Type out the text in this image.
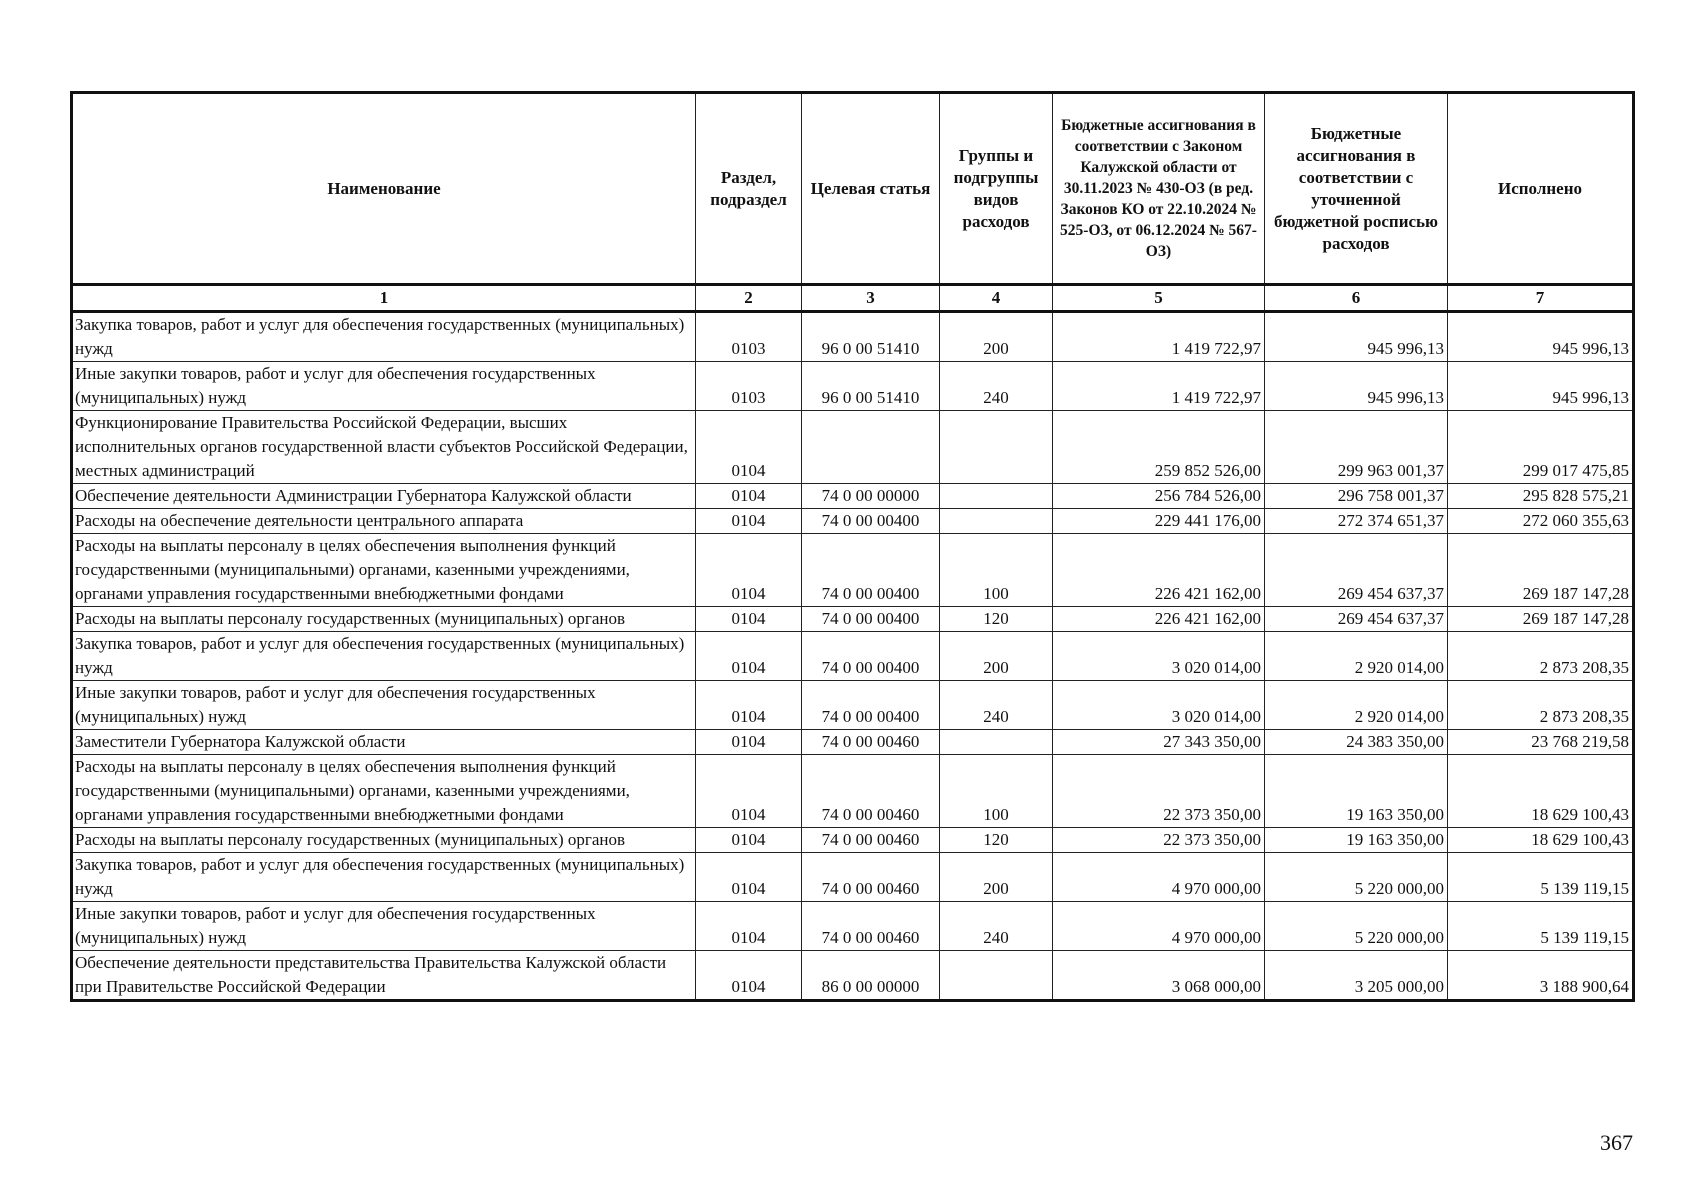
Наименование	Раздел, подраздел	Целевая статья	Группы и подгруппы видов расходов	Бюджетные ассигнования в соответствии с Законом Калужской области от 30.11.2023 № 430-ОЗ (в ред. Законов КО от 22.10.2024 № 525-ОЗ, от 06.12.2024 № 567-ОЗ)	Бюджетные ассигнования в соответствии с уточненной бюджетной росписью расходов	Исполнено
1	2	3	4	5	6	7
Закупка товаров, работ и услуг для обеспечения государственных (муниципальных) нужд	0103	96 0 00 51410	200	1 419 722,97	945 996,13	945 996,13
Иные закупки товаров, работ и услуг для обеспечения государственных (муниципальных) нужд	0103	96 0 00 51410	240	1 419 722,97	945 996,13	945 996,13
Функционирование Правительства Российской Федерации, высших исполнительных органов государственной власти субъектов Российской Федерации, местных администраций	0104			259 852 526,00	299 963 001,37	299 017 475,85
Обеспечение деятельности Администрации Губернатора Калужской области	0104	74 0 00 00000		256 784 526,00	296 758 001,37	295 828 575,21
Расходы на обеспечение деятельности центрального аппарата	0104	74 0 00 00400		229 441 176,00	272 374 651,37	272 060 355,63
Расходы на выплаты персоналу в целях обеспечения выполнения функций государственными (муниципальными) органами, казенными учреждениями, органами управления государственными внебюджетными фондами	0104	74 0 00 00400	100	226 421 162,00	269 454 637,37	269 187 147,28
Расходы на выплаты персоналу государственных (муниципальных) органов	0104	74 0 00 00400	120	226 421 162,00	269 454 637,37	269 187 147,28
Закупка товаров, работ и услуг для обеспечения государственных (муниципальных) нужд	0104	74 0 00 00400	200	3 020 014,00	2 920 014,00	2 873 208,35
Иные закупки товаров, работ и услуг для обеспечения государственных (муниципальных) нужд	0104	74 0 00 00400	240	3 020 014,00	2 920 014,00	2 873 208,35
Заместители Губернатора Калужской области	0104	74 0 00 00460		27 343 350,00	24 383 350,00	23 768 219,58
Расходы на выплаты персоналу в целях обеспечения выполнения функций государственными (муниципальными) органами, казенными учреждениями, органами управления государственными внебюджетными фондами	0104	74 0 00 00460	100	22 373 350,00	19 163 350,00	18 629 100,43
Расходы на выплаты персоналу государственных (муниципальных) органов	0104	74 0 00 00460	120	22 373 350,00	19 163 350,00	18 629 100,43
Закупка товаров, работ и услуг для обеспечения государственных (муниципальных) нужд	0104	74 0 00 00460	200	4 970 000,00	5 220 000,00	5 139 119,15
Иные закупки товаров, работ и услуг для обеспечения государственных (муниципальных) нужд	0104	74 0 00 00460	240	4 970 000,00	5 220 000,00	5 139 119,15
Обеспечение деятельности представительства Правительства Калужской области при Правительстве Российской Федерации	0104	86 0 00 00000		3 068 000,00	3 205 000,00	3 188 900,64
367
